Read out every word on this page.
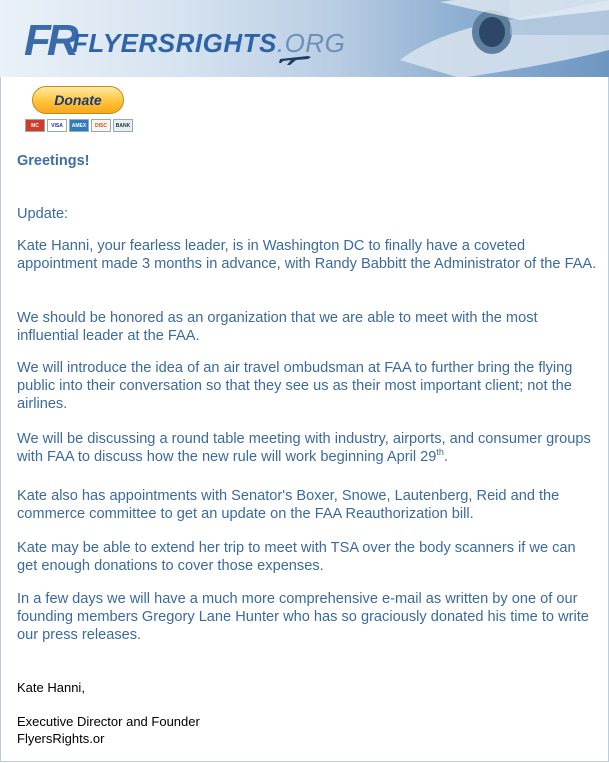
FR
FLYERSRIGHTS.ORG
Donate
MC	VISA	AMEX	DISC	BANK
Greetings!
Update:
Kate Hanni, your fearless leader, is in Washington DC to finally have a coveted appointment made 3 months in advance, with Randy Babbitt the Administrator of the FAA.
We should be honored as an organization that we are able to meet with the most influential leader at the FAA.
We will introduce the idea of an air travel ombudsman at FAA to further bring the flying public into their conversation so that they see us as their most important client; not the airlines.
We will be discussing a round table meeting with industry, airports, and consumer groups with FAA to discuss how the new rule will work beginning April 29th.
Kate also has appointments with Senator's Boxer, Snowe, Lautenberg, Reid and the commerce committee to get an update on the FAA Reauthorization bill.
Kate may be able to extend her trip to meet with TSA over the body scanners if we can get enough donations to cover those expenses.
In a few days we will have a much more comprehensive e-mail as written by one of our founding members Gregory Lane Hunter who has so graciously donated his time to write our press releases.
Kate Hanni,
Executive Director and Founder
FlyersRights.or
